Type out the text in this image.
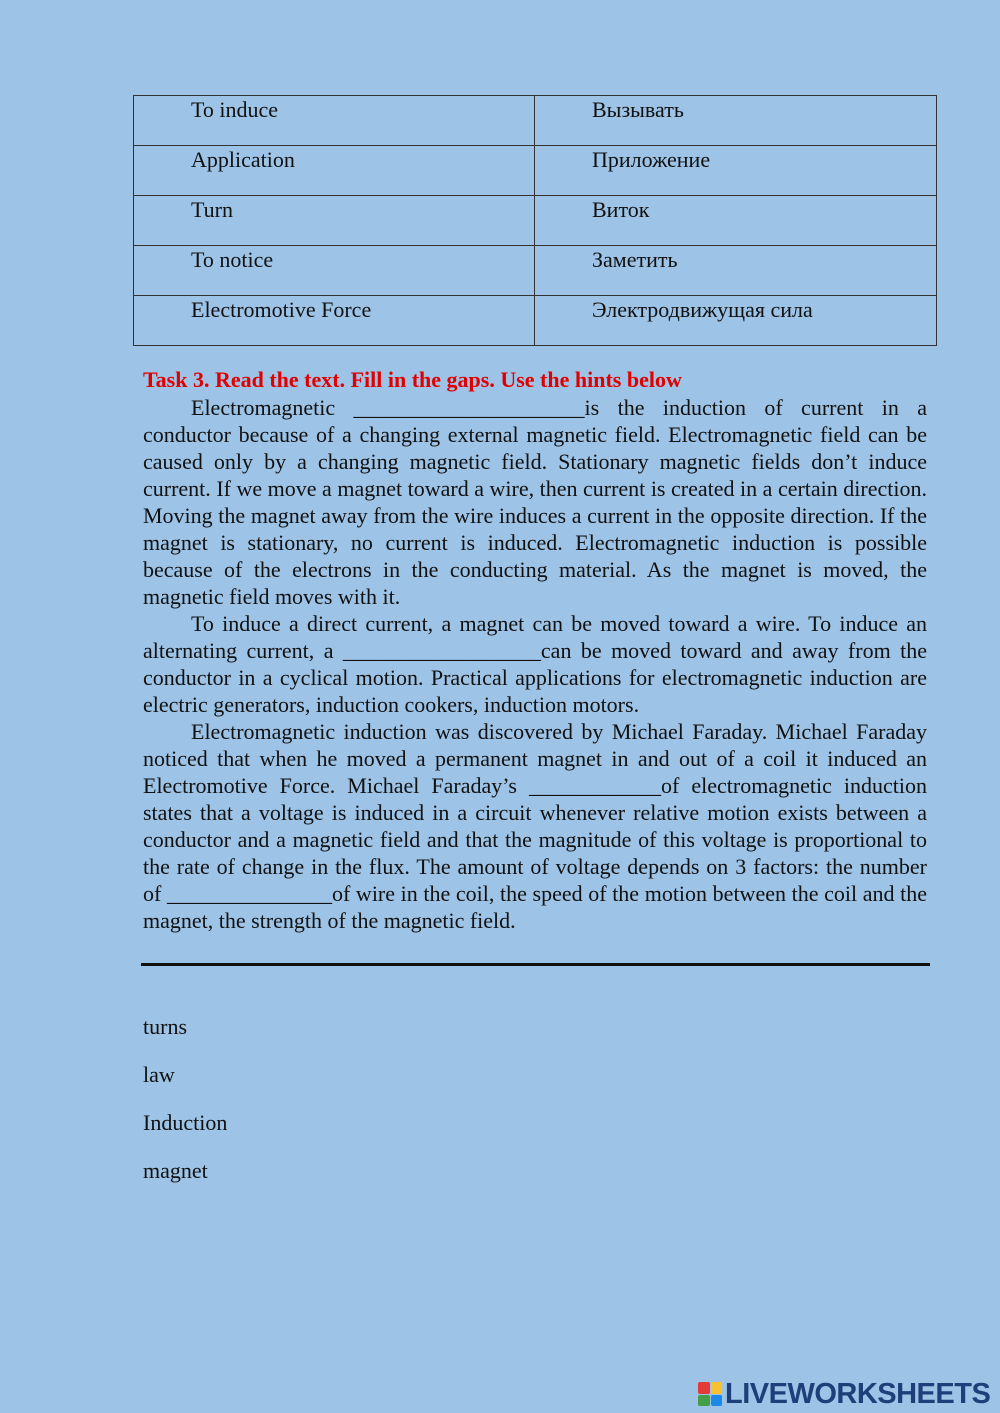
To induce	Вызывать
Application	Приложение
Turn	Виток
To notice	Заметить
Electromotive Force	Электродвижущая сила
Task 3. Read the text. Fill in the gaps. Use the hints below

Electromagnetic _____________________is the induction of current in a conductor because of a changing external magnetic field. Electromagnetic field can be caused only by a changing magnetic field. Stationary magnetic fields don’t induce current. If we move a magnet toward a wire, then current is created in a certain direction. Moving the magnet away from the wire induces a current in the opposite direction. If the magnet is stationary, no current is induced. Electromagnetic induction is possible because of the electrons in the conducting material. As the magnet is moved, the magnetic field moves with it.

To induce a direct current, a magnet can be moved toward a wire. To induce an alternating current, a __________________can be moved toward and away from the conductor in a cyclical motion. Practical applications for electromagnetic induction are electric generators, induction cookers, induction motors.

Electromagnetic induction was discovered by Michael Faraday. Michael Faraday noticed that when he moved a permanent magnet in and out of a coil it induced an Electromotive Force. Michael Faraday’s ____________of electromagnetic induction states that a voltage is induced in a circuit whenever relative motion exists between a conductor and a magnetic field and that the magnitude of this voltage is proportional to the rate of change in the flux. The amount of voltage depends on 3 factors: the number of _______________of wire in the coil, the speed of the motion between the coil and the magnet, the strength of the magnetic field.

turns
law
Induction
magnet
LIVEWORKSHEETS
